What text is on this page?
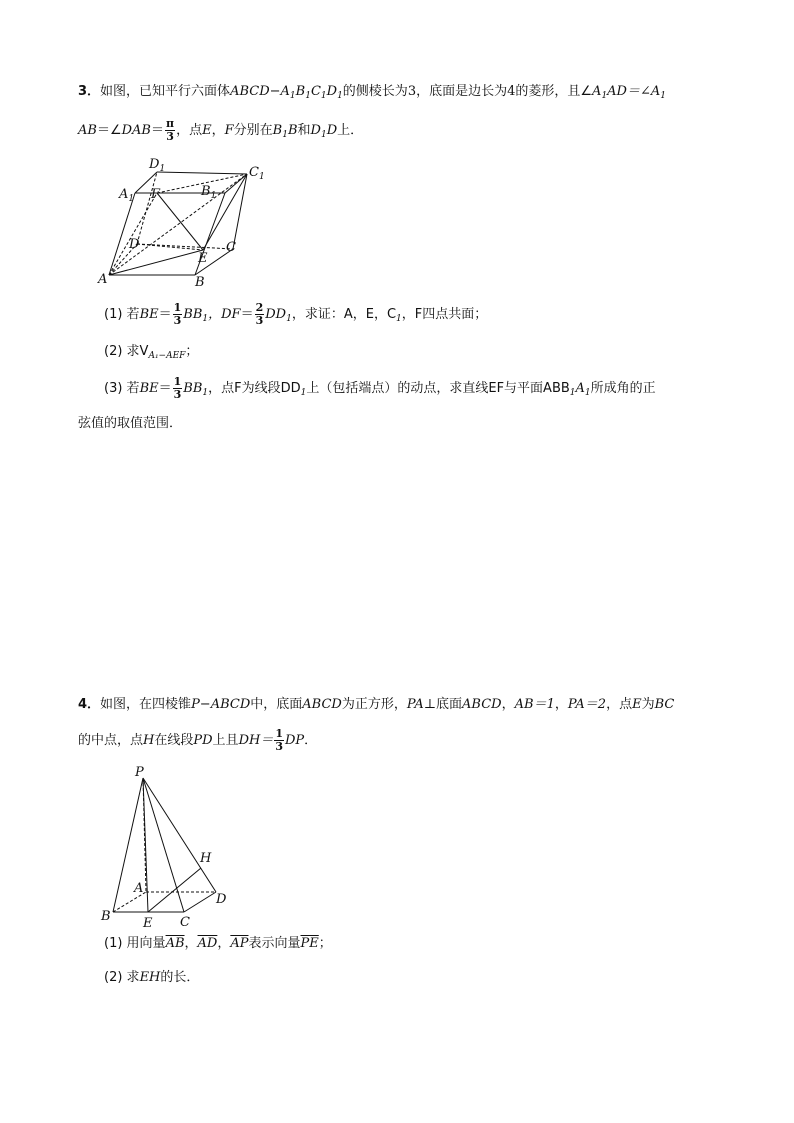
3．如图，已知平行六面体$ABCD-A_1B_1C_1D_1$的侧棱长为3，底面是边长为4的菱形，且$\angle A_1AD=\angle A_1$
AB＝∠DAB＝ $\frac{\pi}{3}$ ，点E，F分别在$B_1B$和$D_1D$上．
$D_1$	$C_1$
$A_1$ F	$B_1$
D
E
C
A	B
(1) 若$BE= \frac{1}{3} BB_1$，$DF= \frac{2}{3} DD_1$，求证：A，E，$C_1$，F四点共面；
(2) 求$V_{A_1-AEF}$；
(3) 若$BE= \frac{1}{3} BB_1$，点F为线段$DD_1$上（包括端点）的动点，求直线EF与平面$ABB_1A_1$所成角的正
弦值的取值范围．
4．如图，在四棱锥P−ABCD中，底面ABCD为正方形，PA⊥底面ABCD，AB＝1，PA＝2，点E为BC
的中点，点H在线段PD上且$DH= \frac{1}{3}$ DP．
P
H
A
D
B E C
(1) 用向量$\overline{AB}$，$\overline{AD}$，$\overline{AP}$表示向量$\overline{PE}$；
(2) 求EH的长．
